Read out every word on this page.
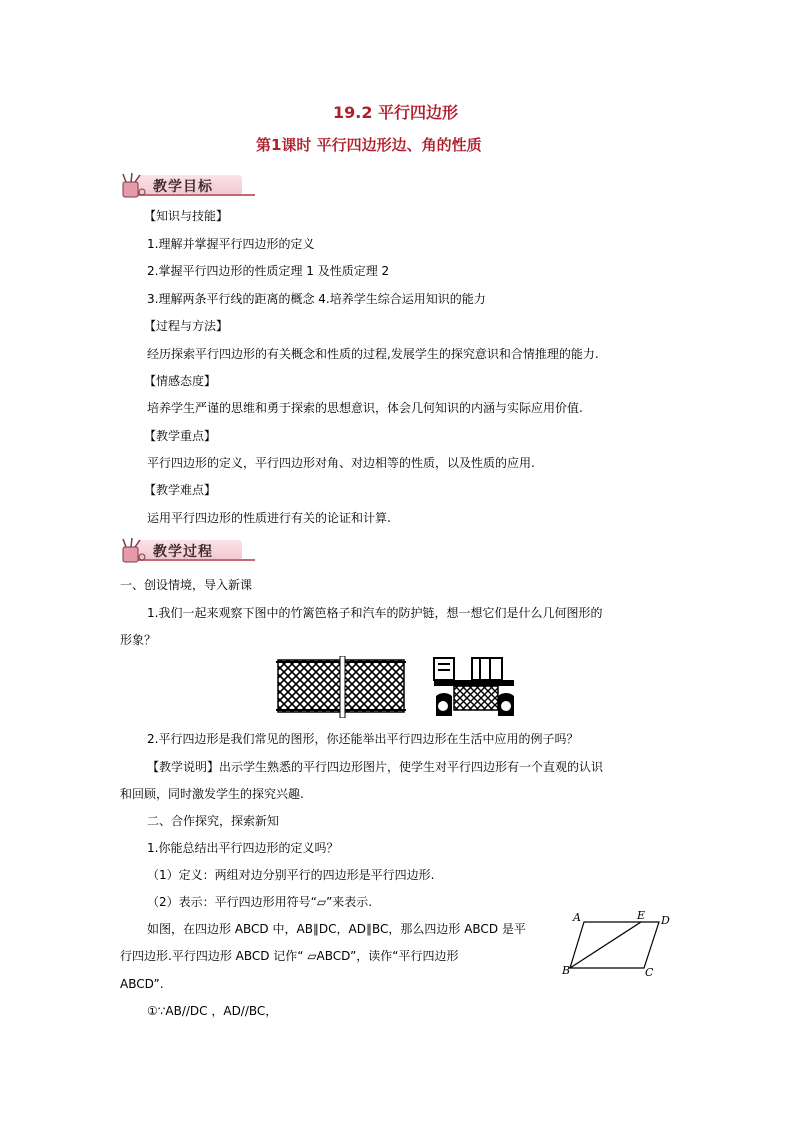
19.2 平行四边形
第1课时 平行四边形边、角的性质
教学目标
【知识与技能】
1.理解并掌握平行四边形的定义
2.掌握平行四边形的性质定理 1 及性质定理 2
3.理解两条平行线的距离的概念 4.培养学生综合运用知识的能力
【过程与方法】
经历探索平行四边形的有关概念和性质的过程,发展学生的探究意识和合情推理的能力.
【情感态度】
培养学生严谨的思维和勇于探索的思想意识，体会几何知识的内涵与实际应用价值.
【教学重点】
平行四边形的定义，平行四边形对角、对边相等的性质，以及性质的应用.
【教学难点】
运用平行四边形的性质进行有关的论证和计算.
教学过程
一、创设情境，导入新课
1.我们一起来观察下图中的竹篱笆格子和汽车的防护链，想一想它们是什么几何图形的
形象？
2.平行四边形是我们常见的图形，你还能举出平行四边形在生活中应用的例子吗？
【教学说明】出示学生熟悉的平行四边形图片，使学生对平行四边形有一个直观的认识
和回顾，同时激发学生的探究兴趣.
二、合作探究，探索新知
1.你能总结出平行四边形的定义吗？
（1）定义：两组对边分别平行的四边形是平行四边形.
（2）表示：平行四边形用符号“▱”来表示.
如图，在四边形 ABCD 中，AB∥DC，AD∥BC，那么四边形 ABCD 是平
行四边形.平行四边形 ABCD 记作“ ▱ABCD”，读作“平行四边形
ABCD”.
①∵AB//DC ，AD//BC，
A	E D
B	C
